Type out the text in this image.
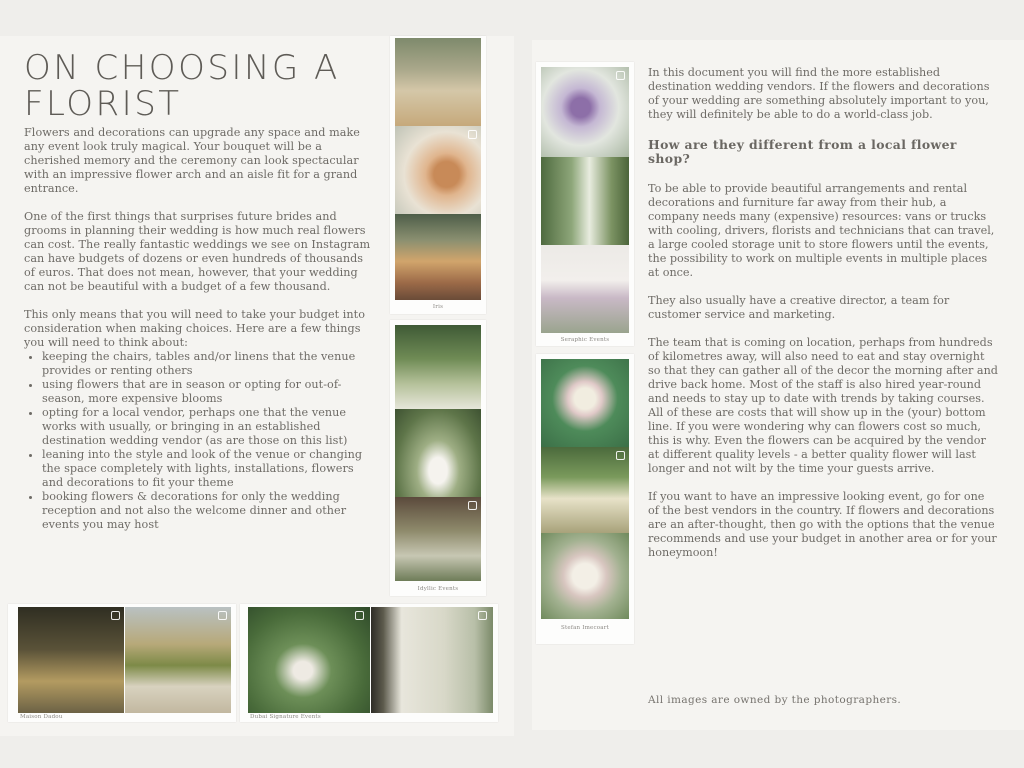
ON CHOOSING A FLORIST

Flowers and decorations can upgrade any space and make any event look truly magical. Your bouquet will be a cherished memory and the ceremony can look spectacular with an impressive flower arch and an aisle fit for a grand entrance.

One of the first things that surprises future brides and grooms in planning their wedding is how much real flowers can cost. The really fantastic weddings we see on Instagram can have budgets of dozens or even hundreds of thousands of euros. That does not mean, however, that your wedding can not be beautiful with a budget of a few thousand.

This only means that you will need to take your budget into consideration when making choices. Here are a few things you will need to think about:

• keeping the chairs, tables and/or linens that the venue provides or renting others
• using flowers that are in season or opting for out-of-season, more expensive blooms
• opting for a local vendor, perhaps one that the venue works with usually, or bringing in an established destination wedding vendor (as are those on this list)
• leaning into the style and look of the venue or changing the space completely with lights, installations, flowers and decorations to fit your theme
• booking flowers & decorations for only the wedding reception and not also the welcome dinner and other events you may host
Iris
Idyllic Events
Seraphic Events
Stefan Imecoart
Maison Dadou	Dubai Signature Events

In this document you will find the more established destination wedding vendors. If the flowers and decorations of your wedding are something absolutely important to you, they will definitely be able to do a world-class job.

How are they different from a local flower shop?

To be able to provide beautiful arrangements and rental decorations and furniture far away from their hub, a company needs many (expensive) resources: vans or trucks with cooling, drivers, florists and technicians that can travel, a large cooled storage unit to store flowers until the events, the possibility to work on multiple events in multiple places at once.

They also usually have a creative director, a team for customer service and marketing.

The team that is coming on location, perhaps from hundreds of kilometres away, will also need to eat and stay overnight so that they can gather all of the decor the morning after and drive back home. Most of the staff is also hired year-round and needs to stay up to date with trends by taking courses. All of these are costs that will show up in the (your) bottom line. If you were wondering why can flowers cost so much, this is why. Even the flowers can be acquired by the vendor at different quality levels - a better quality flower will last longer and not wilt by the time your guests arrive.

If you want to have an impressive looking event, go for one of the best vendors in the country. If flowers and decorations are an after-thought, then go with the options that the venue recommends and use your budget in another area or for your honeymoon!

All images are owned by the photographers.
